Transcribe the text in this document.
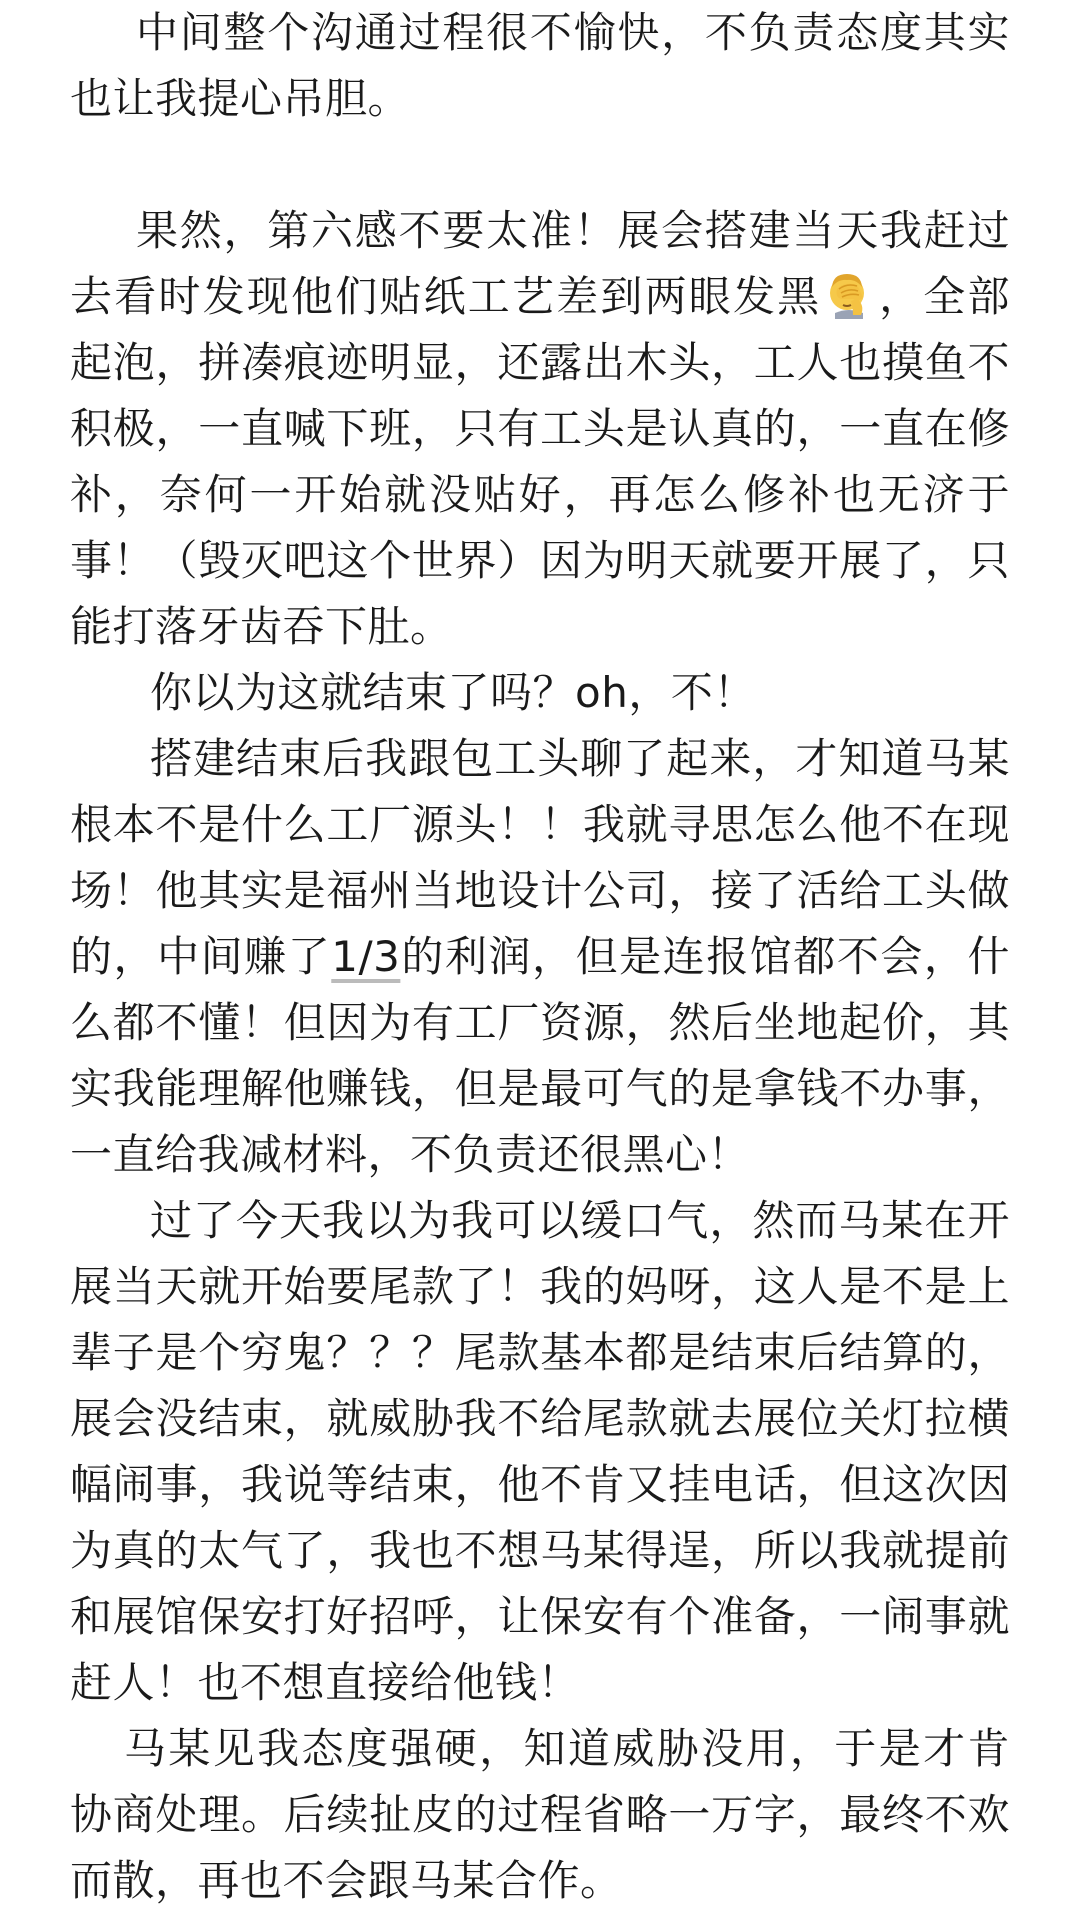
中间整个沟通过程很不愉快，不负责态度其实也让我提心吊胆。

果然，第六感不要太准！展会搭建当天我赶过去看时发现他们贴纸工艺差到两眼发黑 ，全部起泡，拼凑痕迹明显，还露出木头，工人也摸鱼不积极，一直喊下班，只有工头是认真的，一直在修补，奈何一开始就没贴好，再怎么修补也无济于事！（毁灭吧这个世界）因为明天就要开展了，只能打落牙齿吞下肚。

你以为这就结束了吗？oh，不！

搭建结束后我跟包工头聊了起来，才知道马某根本不是什么工厂源头！！我就寻思怎么他不在现场！他其实是福州当地设计公司，接了活给工头做的，中间赚了1/3的利润，但是连报馆都不会，什么都不懂！但因为有工厂资源，然后坐地起价，其实我能理解他赚钱，但是最可气的是拿钱不办事，一直给我减材料，不负责还很黑心！

过了今天我以为我可以缓口气，然而马某在开展当天就开始要尾款了！我的妈呀，这人是不是上辈子是个穷鬼？？？尾款基本都是结束后结算的，展会没结束，就威胁我不给尾款就去展位关灯拉横幅闹事，我说等结束，他不肯又挂电话，但这次因为真的太气了，我也不想马某得逞，所以我就提前和展馆保安打好招呼，让保安有个准备，一闹事就赶人！也不想直接给他钱！

马某见我态度强硬，知道威胁没用，于是才肯协商处理。后续扯皮的过程省略一万字，最终不欢而散，再也不会跟马某合作。
